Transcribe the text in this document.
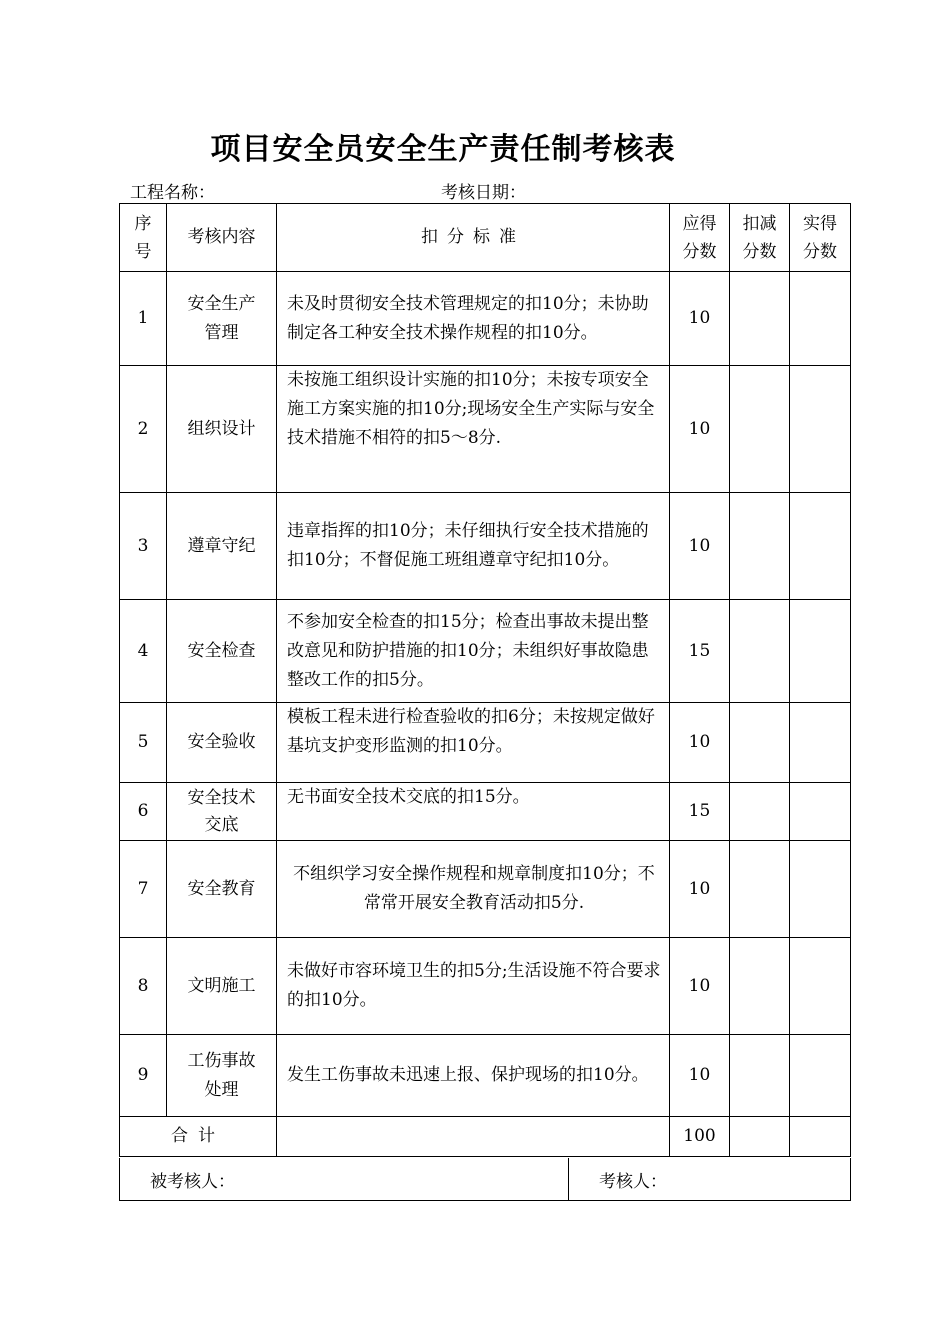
项目安全员安全生产责任制考核表
工程名称：	考核日期：
序号	考核内容	扣分标准	应得分数	扣减分数	实得分数

1	安全生产管理	未及时贯彻安全技术管理规定的扣10分；未协助制定各工种安全技术操作规程的扣10分。	10		
2	组织设计	未按施工组织设计实施的扣10分；未按专项安全施工方案实施的扣10分;现场安全生产实际与安全技术措施不相符的扣5～8分.	10		
3	遵章守纪	违章指挥的扣10分；未仔细执行安全技术措施的扣10分；不督促施工班组遵章守纪扣10分。	10		
4	安全检查	不参加安全检查的扣15分；检查出事故未提出整改意见和防护措施的扣10分；未组织好事故隐患整改工作的扣5分。	15		
5	安全验收	模板工程未进行检查验收的扣6分；未按规定做好基坑支护变形监测的扣10分。	10		
6	安全技术交底	无书面安全技术交底的扣15分。	15		
7	安全教育	不组织学习安全操作规程和规章制度扣10分；不常常开展安全教育活动扣5分.	10		
8	文明施工	未做好市容环境卫生的扣5分;生活设施不符合要求的扣10分。	10		
9	工伤事故处理	发生工伤事故未迅速上报、保护现场的扣10分。	10		
合计			100		
被考核人：	考核人：
